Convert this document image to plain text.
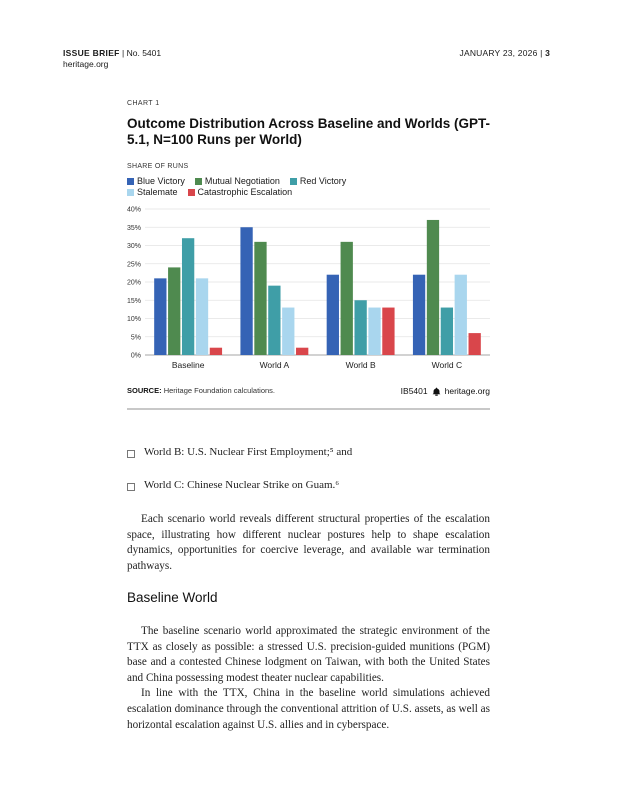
ISSUE BRIEF | No. 5401
heritage.org
JANUARY 23, 2026 | 3
CHART 1
Outcome Distribution Across Baseline and Worlds (GPT-5.1, N=100 Runs per World)
SHARE OF RUNS
Blue Victory Mutual Negotiation Red Victory
Stalemate Catastrophic Escalation
0%
5%
10%
15%
20%
25%
30%
35%
40%
Baseline	World A	World B	World C
SOURCE: Heritage Foundation calculations.	IB5401 heritage.org
World B: U.S. Nuclear First Employment;⁵ and
World C: Chinese Nuclear Strike on Guam.⁶

Each scenario world reveals different structural properties of the escalation space, illustrating how different nuclear postures help to shape escalation dynamics, opportunities for coercive leverage, and available war termination pathways.

Baseline World

The baseline scenario world approximated the strategic environment of the TTX as closely as possible: a stressed U.S. precision-guided munitions (PGM) base and a contested Chinese lodgment on Taiwan, with both the United States and China possessing modest theater nuclear capabilities.

In line with the TTX, China in the baseline world simulations achieved escalation dominance through the conventional attrition of U.S. assets, as well as horizontal escalation against U.S. allies and in cyberspace.
